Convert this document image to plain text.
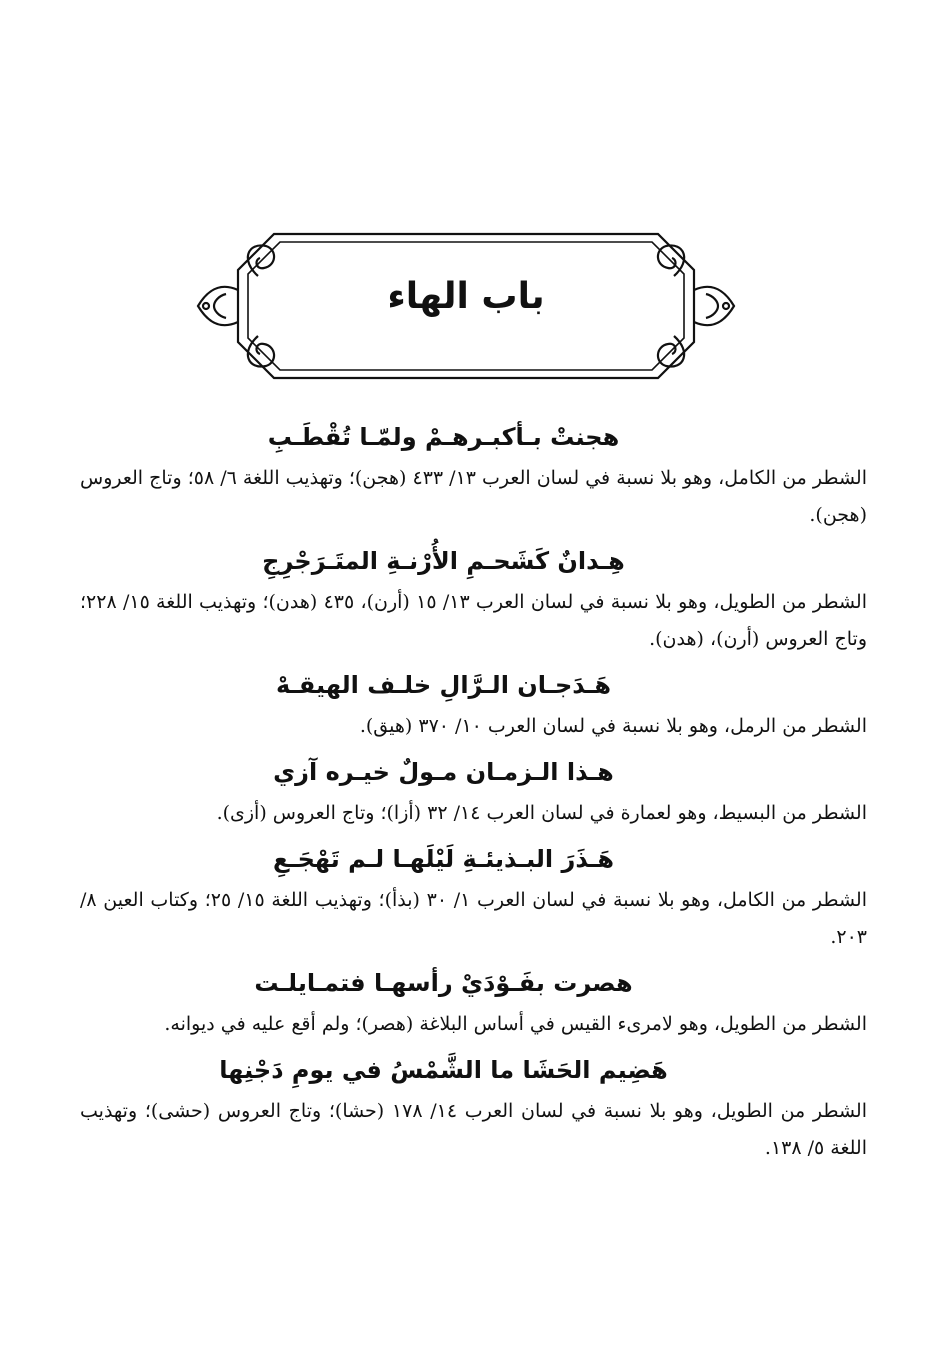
باب الهاء
هجنتْ بـأكبـرهـمْ ولمّـا تُقْطَـبِ
الشطر من الكامل، وهو بلا نسبة في لسان العرب ١٣/ ٤٣٣ (هجن)؛ وتهذيب اللغة ٦/ ٥٨؛ وتاج العروس (هجن).
هِـدانٌ كَشَحـمِ الأُرْنـةِ المتَـرَجْرِجِ
الشطر من الطويل، وهو بلا نسبة في لسان العرب ١٣/ ١٥ (أرن)، ٤٣٥ (هدن)؛ وتهذيب اللغة ١٥/ ٢٢٨؛ وتاج العروس (أرن)، (هدن).
هَـدَجـان الـرَّالِ خلـف الهيقـهْ
الشطر من الرمل، وهو بلا نسبة في لسان العرب ١٠/ ٣٧٠ (هيق).
هـذا الـزمـان مـولٌ خيـره آزي
الشطر من البسيط، وهو لعمارة في لسان العرب ١٤/ ٣٢ (أزا)؛ وتاج العروس (أزى).
هَـذَرَ البـذيئـةِ لَيْلَهـا لـم تَهْجَـعِ
الشطر من الكامل، وهو بلا نسبة في لسان العرب ١/ ٣٠ (بذأ)؛ وتهذيب اللغة ١٥/ ٢٥؛ وكتاب العين ٨/ ٢٠٣.
هصرت بفَـوْدَيْ رأسهـا فتمـايلـت
الشطر من الطويل، وهو لامرىء القيس في أساس البلاغة (هصر)؛ ولم أقع عليه في ديوانه.
هَضِيم الحَشَا ما الشَّمْسُ في يومِ دَجْنِها
الشطر من الطويل، وهو بلا نسبة في لسان العرب ١٤/ ١٧٨ (حشا)؛ وتاج العروس (حشى)؛ وتهذيب اللغة ٥/ ١٣٨.
